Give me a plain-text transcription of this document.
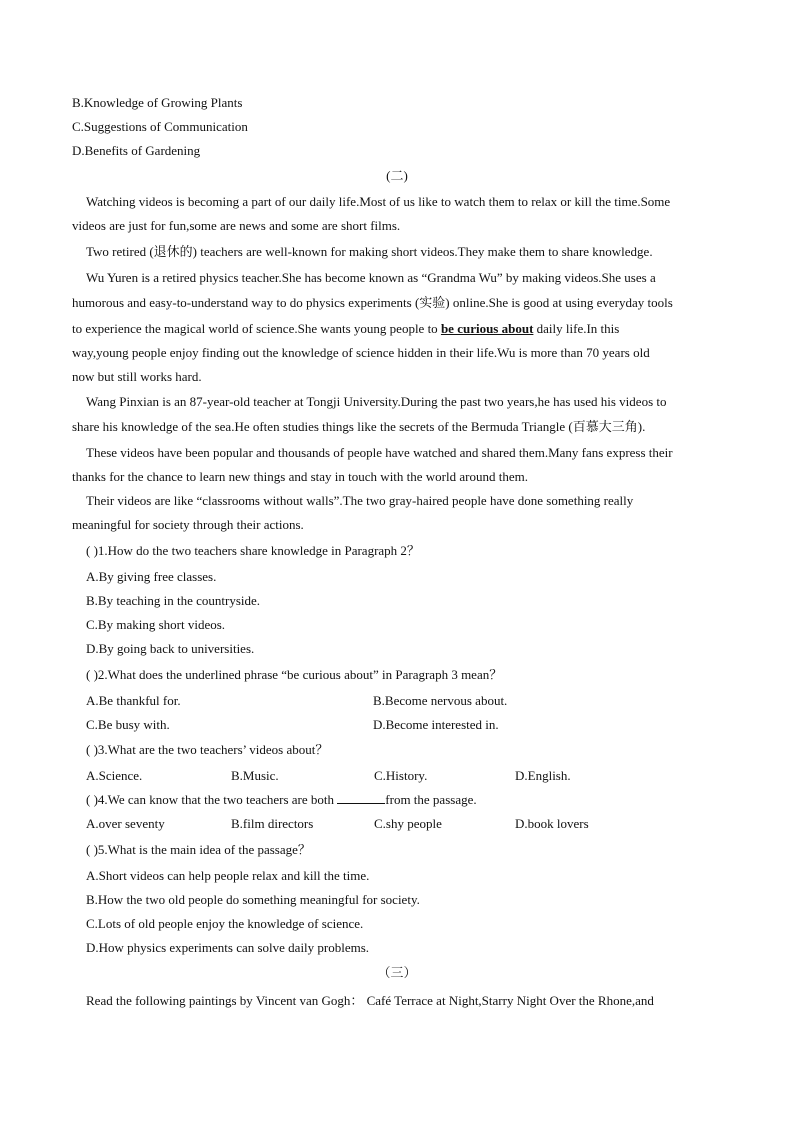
B.Knowledge of Growing Plants
C.Suggestions of Communication
D.Benefits of Gardening
(二)
Watching videos is becoming a part of our daily life.Most of us like to watch them to relax or kill the time.Some
videos are just for fun,some are news and some are short films.
Two retired (退休的) teachers are well-known for making short videos.They make them to share knowledge.
Wu Yuren is a retired physics teacher.She has become known as “Grandma Wu” by making videos.She uses a
humorous and easy-to-understand way to do physics experiments (实验) online.She is good at using everyday tools
to experience the magical world of science.She wants young people to be curious about daily life.In this
way,young people enjoy finding out the knowledge of science hidden in their life.Wu is more than 70 years old
now but still works hard.
Wang Pinxian is an 87-year-old teacher at Tongji University.During the past two years,he has used his videos to
share his knowledge of the sea.He often studies things like the secrets of the Bermuda Triangle (百慕大三角).
These videos have been popular and thousands of people have watched and shared them.Many fans express their
thanks for the chance to learn new things and stay in touch with the world around them.
Their videos are like “classrooms without walls”.The two gray-haired people have done something really
meaningful for society through their actions.
( )1.How do the two teachers share knowledge in Paragraph 2？
A.By giving free classes.
B.By teaching in the countryside.
C.By making short videos.
D.By going back to universities.
( )2.What does the underlined phrase “be curious about” in Paragraph 3 mean？
A.Be thankful for.	B.Become nervous about.
C.Be busy with.	D.Become interested in.
( )3.What are the two teachers’ videos about？
A.Science.	B.Music.	C.History.	D.English.
( )4.We can know that the two teachers are both	from the passage.
A.over seventy	B.film directors	C.shy people	D.book lovers
( )5.What is the main idea of the passage？
A.Short videos can help people relax and kill the time.
B.How the two old people do something meaningful for society.
C.Lots of old people enjoy the knowledge of science.
D.How physics experiments can solve daily problems.
（三）
Read the following paintings by Vincent van Gogh： Café Terrace at Night,Starry Night Over the Rhone,and
